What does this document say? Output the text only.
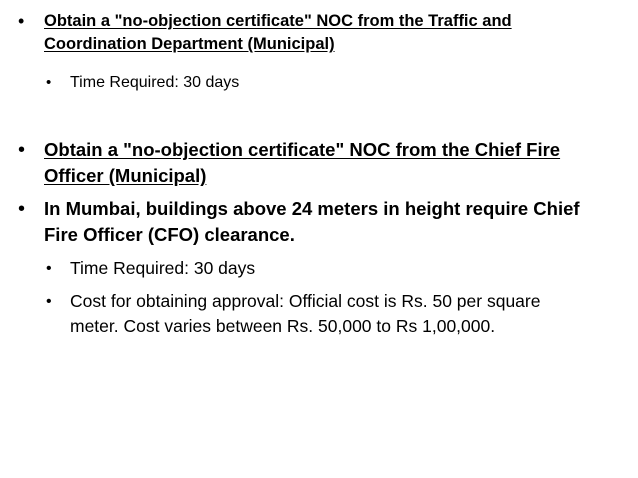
•	Obtain a "no-objection certificate" NOC from the Traffic and Coordination Department (Municipal)
•	Time Required: 30 days
•	Obtain a "no-objection certificate" NOC from the Chief Fire Officer (Municipal)
•	In Mumbai, buildings above 24 meters in height require Chief Fire Officer (CFO) clearance.
•	Time Required: 30 days
•	Cost for obtaining approval: Official cost is Rs. 50 per square meter. Cost varies between Rs. 50,000 to Rs 1,00,000.
